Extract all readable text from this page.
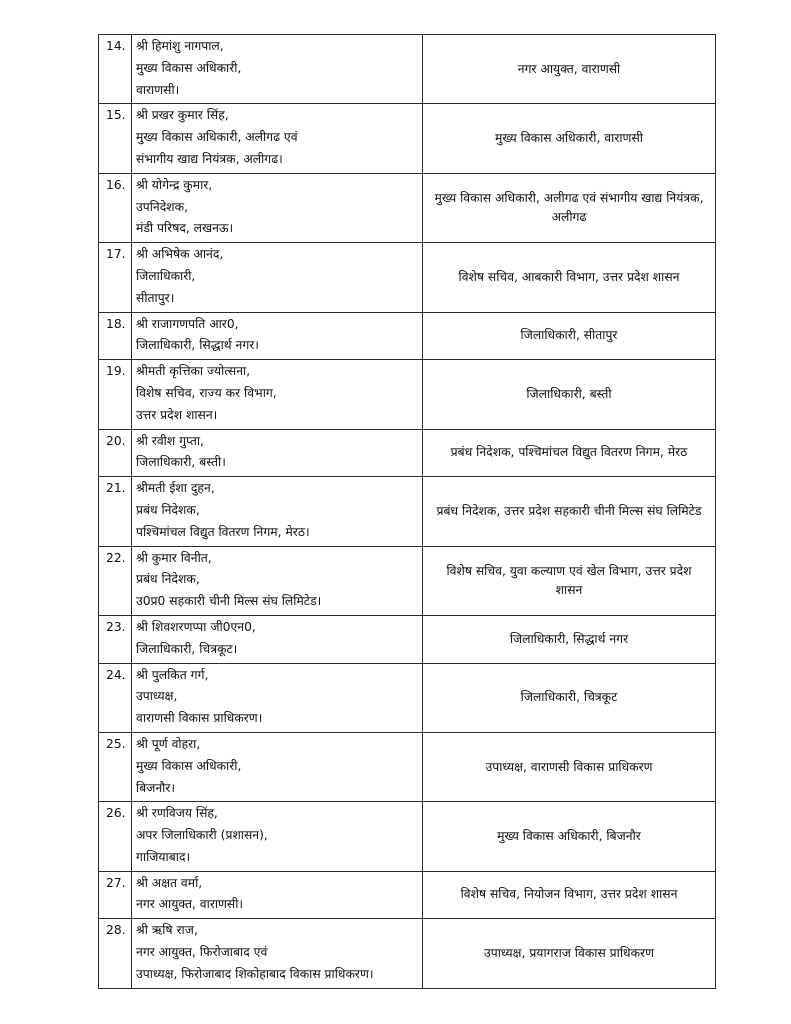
14.	श्री हिमांशु नागपाल,
मुख्य विकास अधिकारी,
वाराणसी।	नगर आयुक्त, वाराणसी
15.	श्री प्रखर कुमार सिंह,
मुख्य विकास अधिकारी, अलीगढ एवं
संभागीय खाद्य नियंत्रक, अलीगढ।	मुख्य विकास अधिकारी, वाराणसी
16.	श्री योगेन्द्र कुमार,
उपनिदेशक,
मंडी परिषद, लखनऊ।	मुख्य विकास अधिकारी, अलीगढ एवं संभागीय खाद्य नियंत्रक, अलीगढ
17.	श्री अभिषेक आनंद,
जिलाधिकारी,
सीतापुर।	विशेष सचिव, आबकारी विभाग, उत्तर प्रदेश शासन
18.	श्री राजागणपति आर0,
जिलाधिकारी, सिद्धार्थ नगर।	जिलाधिकारी, सीतापुर
19.	श्रीमती कृत्तिका ज्योत्सना,
विशेष सचिव, राज्य कर विभाग,
उत्तर प्रदेश शासन।	जिलाधिकारी, बस्ती
20.	श्री रवीश गुप्ता,
जिलाधिकारी, बस्ती।	प्रबंध निदेशक, पश्चिमांचल विद्युत वितरण निगम, मेरठ
21.	श्रीमती ईशा दुहन,
प्रबंध निदेशक,
पश्चिमांचल विद्युत वितरण निगम, मेरठ।	प्रबंध निदेशक, उत्तर प्रदेश सहकारी चीनी मिल्स संघ लिमिटेड
22.	श्री कुमार विनीत,
प्रबंध निदेशक,
उ0प्र0 सहकारी चीनी मिल्स संघ लिमिटेड।	विशेष सचिव, युवा कल्याण एवं खेल विभाग, उत्तर प्रदेश शासन
23.	श्री शिवशरणप्पा जी0एन0,
जिलाधिकारी, चित्रकूट।	जिलाधिकारी, सिद्धार्थ नगर
24.	श्री पुलकित गर्ग,
उपाध्यक्ष,
वाराणसी विकास प्राधिकरण।	जिलाधिकारी, चित्रकूट
25.	श्री पूर्ण वोहरा,
मुख्य विकास अधिकारी,
बिजनौर।	उपाध्यक्ष, वाराणसी विकास प्राधिकरण
26.	श्री रणविजय सिंह,
अपर जिलाधिकारी (प्रशासन),
गाजियाबाद।	मुख्य विकास अधिकारी, बिजनौर
27.	श्री अक्षत वर्मा,
नगर आयुक्त, वाराणसी।	विशेष सचिव, नियोजन विभाग, उत्तर प्रदेश शासन
28.	श्री ऋषि राज,
नगर आयुक्त, फिरोजाबाद एवं
उपाध्यक्ष, फिरोजाबाद शिकोहाबाद विकास प्राधिकरण।	उपाध्यक्ष, प्रयागराज विकास प्राधिकरण
